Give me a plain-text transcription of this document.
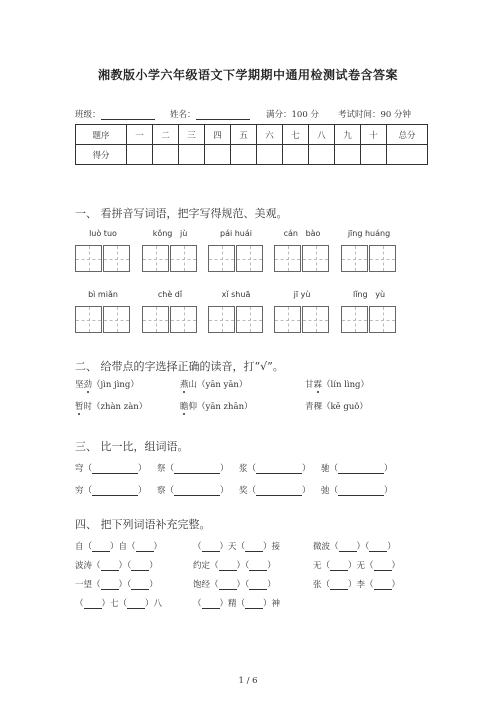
湘教版小学六年级语文下学期期中通用检测试卷含答案
班级：	姓名：	满分：100 分 考试时间：90 分钟
题序	一	二	三	四	五	六	七	八	九	十	总分
得分											
一、 看拼音写词语，把字写得规范、美观。
luò tuo	kǒng   jù	pái huái	cán   bào	jīng huáng
bì miǎn	chè dǐ	xǐ shuā	jī yù	lǐng   yù
二、 给带点的字选择正确的读音，打“√”。
坚劲（jìn jìng）	燕山（yān yān）	甘霖（lín lìng）
暂时（zhàn zàn）	瞻仰（yān zhān）	青稞（kē guǒ）
三、 比一比，组词语。
穹（	） 祭（	） 浆（	） 驰（	）
穷（	） 察（	） 奖（	） 弛（	）
四、 把下列词语补充完整。
自（ ）自（ ）	（ ）天（ ）接	微波（ ）（ ）
波涛（ ）（ ）	约定（ ）（ ）	无（ ）无（ ）
一望（ ）（ ）	饱经（ ）（ ）	张（ ）李（ ）
（ ）七（ ）八	（ ）精（ ）神
1 / 6
